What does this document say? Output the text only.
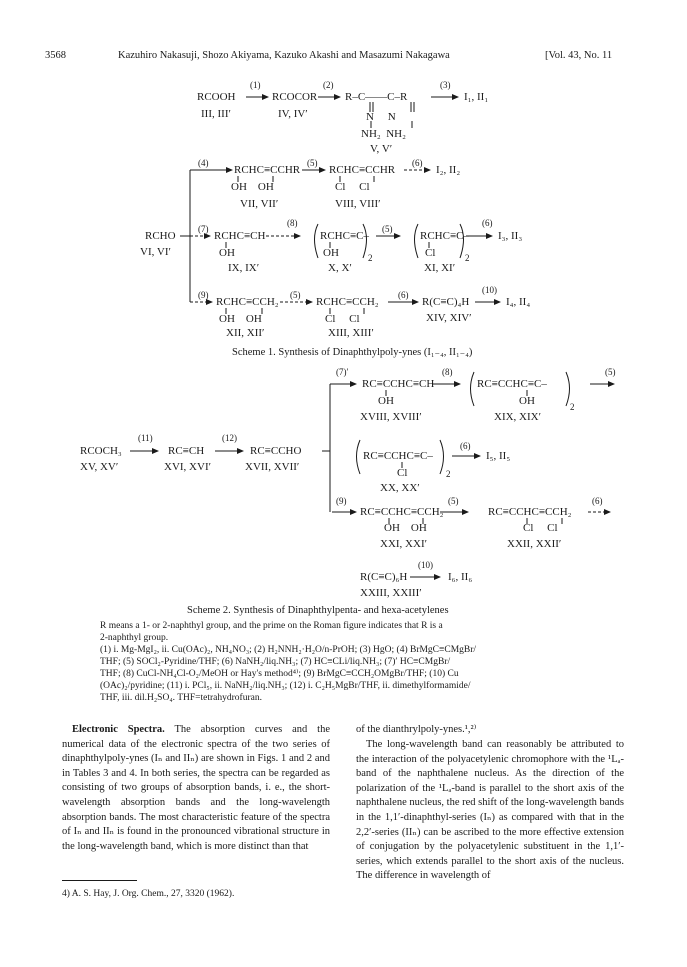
3568	Kazuhiro Nakasuji, Shozo Akiyama, Kazuko Akashi and Masazumi Nakagawa	[Vol. 43, No. 11
RCOOH
(1)
RCOCOR
(2)
R–C——C–R
N     N
NH₂  NH₂
(3)
I₁, II₁
III, III′	IV, IV′
V, V′
(4)
RCHC≡CCHR
OH    OH
(5)
RCHC≡CCHR
Cl     Cl
(6)
I₂, II₂
VII, VII′	VIII, VIII′
RCHO
VI, VI′
(7)
RCHC≡CH
OH
(8)
RCHC≡C–
OH	2
(5)
RCHC≡C–
Cl	2
(6)
I₃, II₃
IX, IX′	X, X′	XI, XI′
(9)
RCHC≡CCH₂
OH    OH
(5)
RCHC≡CCH₂
Cl     Cl
(6)
R(C≡C)₄H
(10)
I₄, II₄
XII, XII′	XIII, XIII′
XIV, XIV′
Scheme 1. Synthesis of Dinaphthylpoly-ynes (I₁₋₄, II₁₋₄)
RCOCH₃
XV, XV′
(11)
RC≡CH
XVI, XVI′
(12)
RC≡CCHO
XVII, XVII′
(7)′
RC≡CCHC≡CH
OH
(8)
RC≡CCHC≡C–
OH	2
(5)
XVIII, XVIII′	XIX, XIX′
RC≡CCHC≡C–
Cl	2
(6)
I₅, II₅
XX, XX′
(9)
RC≡CCHC≡CCH₂
OH    OH
(5)
RC≡CCHC≡CCH₂
Cl     Cl
(6)
XXI, XXI′	XXII, XXII′
R(C≡C)₆H
(10)
I₆, II₆
XXIII, XXIII′
Scheme 2. Synthesis of Dinaphthylpenta- and hexa-acetylenes
R means a 1- or 2-naphthyl group, and the prime on the Roman figure indicates that R is a
2-naphthyl group.
(1) i. Mg-MgI₂, ii. Cu(OAc)₂, NH₄NO₃; (2) H₂NNH₂·H₂O/n-PrOH; (3) HgO; (4) BrMgC≡CMgBr/
THF; (5) SOCl₂-Pyridine/THF; (6) NaNH₂/liq.NH₃; (7) HC≡CLi/liq.NH₃; (7)′ HC≡CMgBr/
THF; (8) CuCl-NH₄Cl-O₂/MeOH or Hay's method⁴⁾; (9) BrMgC≡CCH₂OMgBr/THF; (10) Cu
(OAc)₂/pyridine; (11) i. PCl₅, ii. NaNH₂/liq.NH₃; (12) i. C₂H₅MgBr/THF, ii. dimethylformamide/
THF, iii. dil.H₂SO₄. THF=tetrahydrofuran.
Electronic Spectra. The absorption curves and the numerical data of the electronic spectra of the two series of dinaphthylpoly-ynes (Iₙ and IIₙ) are shown in Figs. 1 and 2 and in Tables 3 and 4. In both series, the spectra can be regarded as consisting of two groups of absorption bands, i. e., the short-wavelength absorption bands and the long-wavelength absorption bands. The most characteristic feature of the spectra of Iₙ and IIₙ is found in the pronounced vibrational structure in the long-wavelength band, which is more distinct than that
4) A. S. Hay, J. Org. Chem., 27, 3320 (1962).
of the dianthrylpoly-ynes.¹,²⁾
The long-wavelength band can reasonably be attributed to the interaction of the polyacetylenic chromophore with the ¹Lₐ-band of the naphthalene nucleus. As the direction of the polarization of the ¹Lₐ-band is parallel to the short axis of the naphthalene nucleus, the red shift of the long-wavelength bands in the 1,1′-dinaphthyl-series (Iₙ) as compared with that in the 2,2′-series (IIₙ) can be ascribed to the more effective extension of conjugation by the polyacetylenic substituent in the 1,1′-series, which extends parallel to the short axis of the nucleus. The difference in wavelength of
